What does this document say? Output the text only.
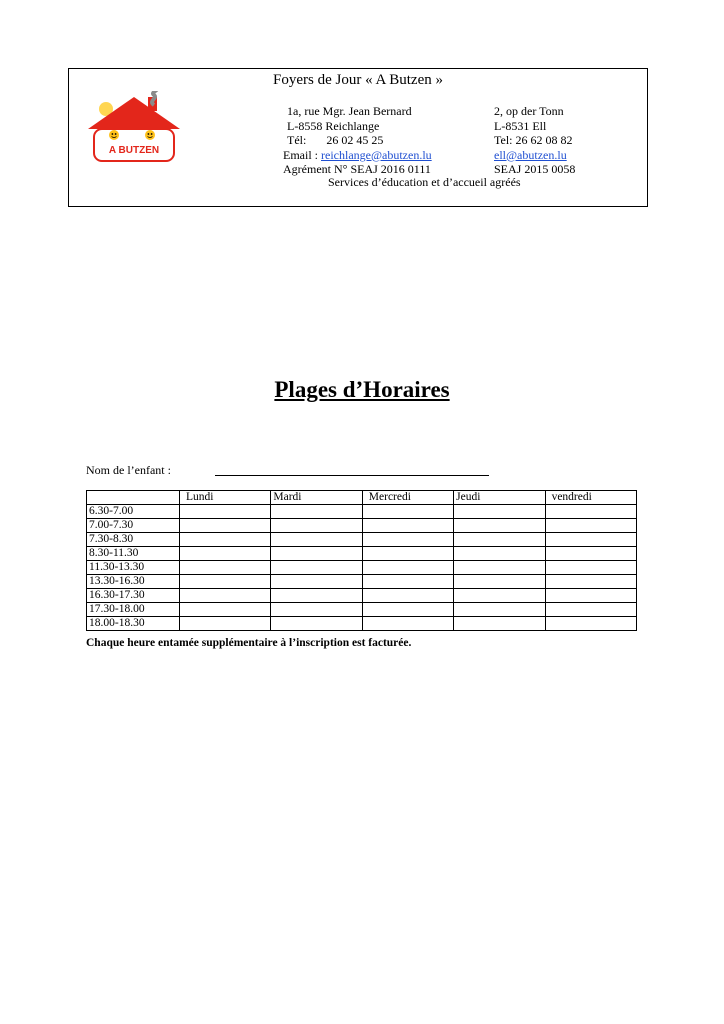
Foyers de Jour « A Butzen »
A BUTZEN
1a, rue Mgr. Jean Bernard
L-8558 Reichlange
Tél: 26 02 45 25
Email : reichlange@abutzen.lu
Agrément N° SEAJ 2016 0111
2, op der Tonn
L-8531 Ell
Tel: 26 62 08 82
ell@abutzen.lu
SEAJ 2015 0058
Services d’éducation et d’accueil agréés
Plages d’Horaires
Nom de l’enfant :
	Lundi	Mardi	Mercredi	Jeudi	vendredi
6.30-7.00					
7.00-7.30					
7.30-8.30					
8.30-11.30					
11.30-13.30					
13.30-16.30					
16.30-17.30					
17.30-18.00					
18.00-18.30					
Chaque heure entamée supplémentaire à l’inscription est facturée.
